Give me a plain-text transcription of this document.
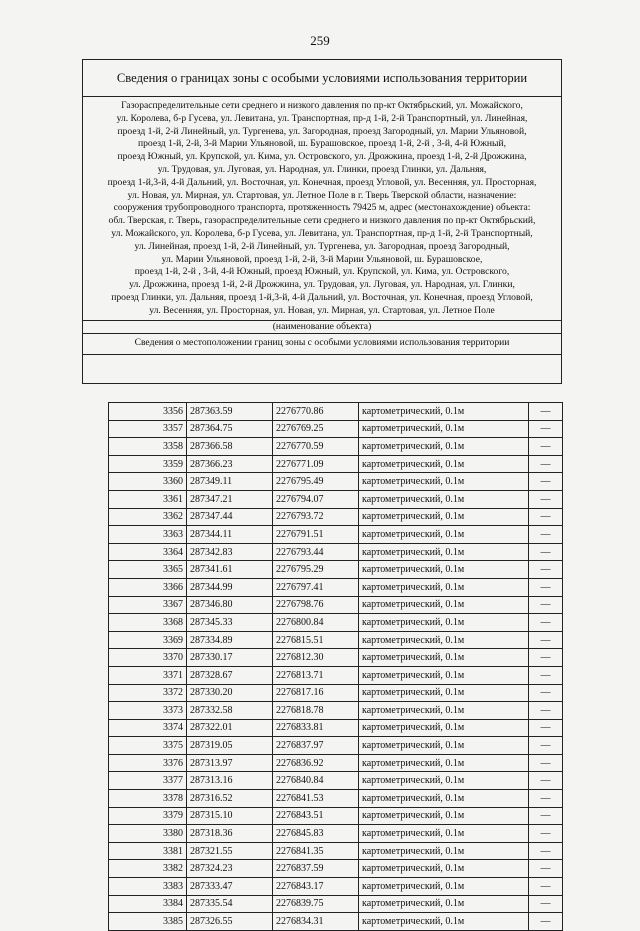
259
Сведения о границах зоны с особыми условиями использования территории
Газораспределительные сети среднего и низкого давления по пр-кт Октябрьский, ул. Можайского,
ул. Королева, б-р Гусева, ул. Левитана, ул. Транспортная, пр-д 1-й, 2-й Транспортный, ул. Линейная,
проезд 1-й, 2-й Линейный, ул. Тургенева, ул. Загородная, проезд Загородный, ул. Марии Ульяновой,
проезд 1-й, 2-й, 3-й Марии Ульяновой, ш. Бурашовское, проезд 1-й, 2-й , 3-й, 4-й Южный,
проезд Южный, ул. Крупской, ул. Кима, ул. Островского, ул. Дрожжина, проезд 1-й, 2-й Дрожжина,
ул. Трудовая, ул. Луговая, ул. Народная, ул. Глинки, проезд Глинки, ул. Дальняя,
проезд 1-й,3-й, 4-й Дальний, ул. Восточная, ул. Конечная, проезд Угловой, ул. Весенняя, ул. Просторная,
ул. Новая, ул. Мирная, ул. Стартовая, ул. Летное Поле в г. Тверь Тверской области, назначение:
сооружения трубопроводного транспорта, протяженность 79425 м, адрес (местонахождение) объекта:
обл. Тверская, г. Тверь, газораспределительные сети среднего и низкого давления по пр-кт Октябрьский,
ул. Можайского, ул. Королева, б-р Гусева, ул. Левитана, ул. Транспортная, пр-д 1-й, 2-й Транспортный,
ул. Линейная, проезд 1-й, 2-й Линейный, ул. Тургенева, ул. Загородная, проезд Загородный,
ул. Марии Ульяновой, проезд 1-й, 2-й, 3-й Марии Ульяновой, ш. Бурашовское,
проезд 1-й, 2-й , 3-й, 4-й Южный, проезд Южный, ул. Крупской, ул. Кима, ул. Островского,
ул. Дрожжина, проезд 1-й, 2-й Дрожжина, ул. Трудовая, ул. Луговая, ул. Народная, ул. Глинки,
проезд Глинки, ул. Дальняя, проезд 1-й,3-й, 4-й Дальний, ул. Восточная, ул. Конечная, проезд Угловой,
ул. Весенняя, ул. Просторная, ул. Новая, ул. Мирная, ул. Стартовая, ул. Летное Поле
(наименование объекта)
Сведения о местоположении границ зоны с особыми условиями использования территории
3356	287363.59	2276770.86	картометрический, 0.1м	—
3357	287364.75	2276769.25	картометрический, 0.1м	—
3358	287366.58	2276770.59	картометрический, 0.1м	—
3359	287366.23	2276771.09	картометрический, 0.1м	—
3360	287349.11	2276795.49	картометрический, 0.1м	—
3361	287347.21	2276794.07	картометрический, 0.1м	—
3362	287347.44	2276793.72	картометрический, 0.1м	—
3363	287344.11	2276791.51	картометрический, 0.1м	—
3364	287342.83	2276793.44	картометрический, 0.1м	—
3365	287341.61	2276795.29	картометрический, 0.1м	—
3366	287344.99	2276797.41	картометрический, 0.1м	—
3367	287346.80	2276798.76	картометрический, 0.1м	—
3368	287345.33	2276800.84	картометрический, 0.1м	—
3369	287334.89	2276815.51	картометрический, 0.1м	—
3370	287330.17	2276812.30	картометрический, 0.1м	—
3371	287328.67	2276813.71	картометрический, 0.1м	—
3372	287330.20	2276817.16	картометрический, 0.1м	—
3373	287332.58	2276818.78	картометрический, 0.1м	—
3374	287322.01	2276833.81	картометрический, 0.1м	—
3375	287319.05	2276837.97	картометрический, 0.1м	—
3376	287313.97	2276836.92	картометрический, 0.1м	—
3377	287313.16	2276840.84	картометрический, 0.1м	—
3378	287316.52	2276841.53	картометрический, 0.1м	—
3379	287315.10	2276843.51	картометрический, 0.1м	—
3380	287318.36	2276845.83	картометрический, 0.1м	—
3381	287321.55	2276841.35	картометрический, 0.1м	—
3382	287324.23	2276837.59	картометрический, 0.1м	—
3383	287333.47	2276843.17	картометрический, 0.1м	—
3384	287335.54	2276839.75	картометрический, 0.1м	—
3385	287326.55	2276834.31	картометрический, 0.1м	—
